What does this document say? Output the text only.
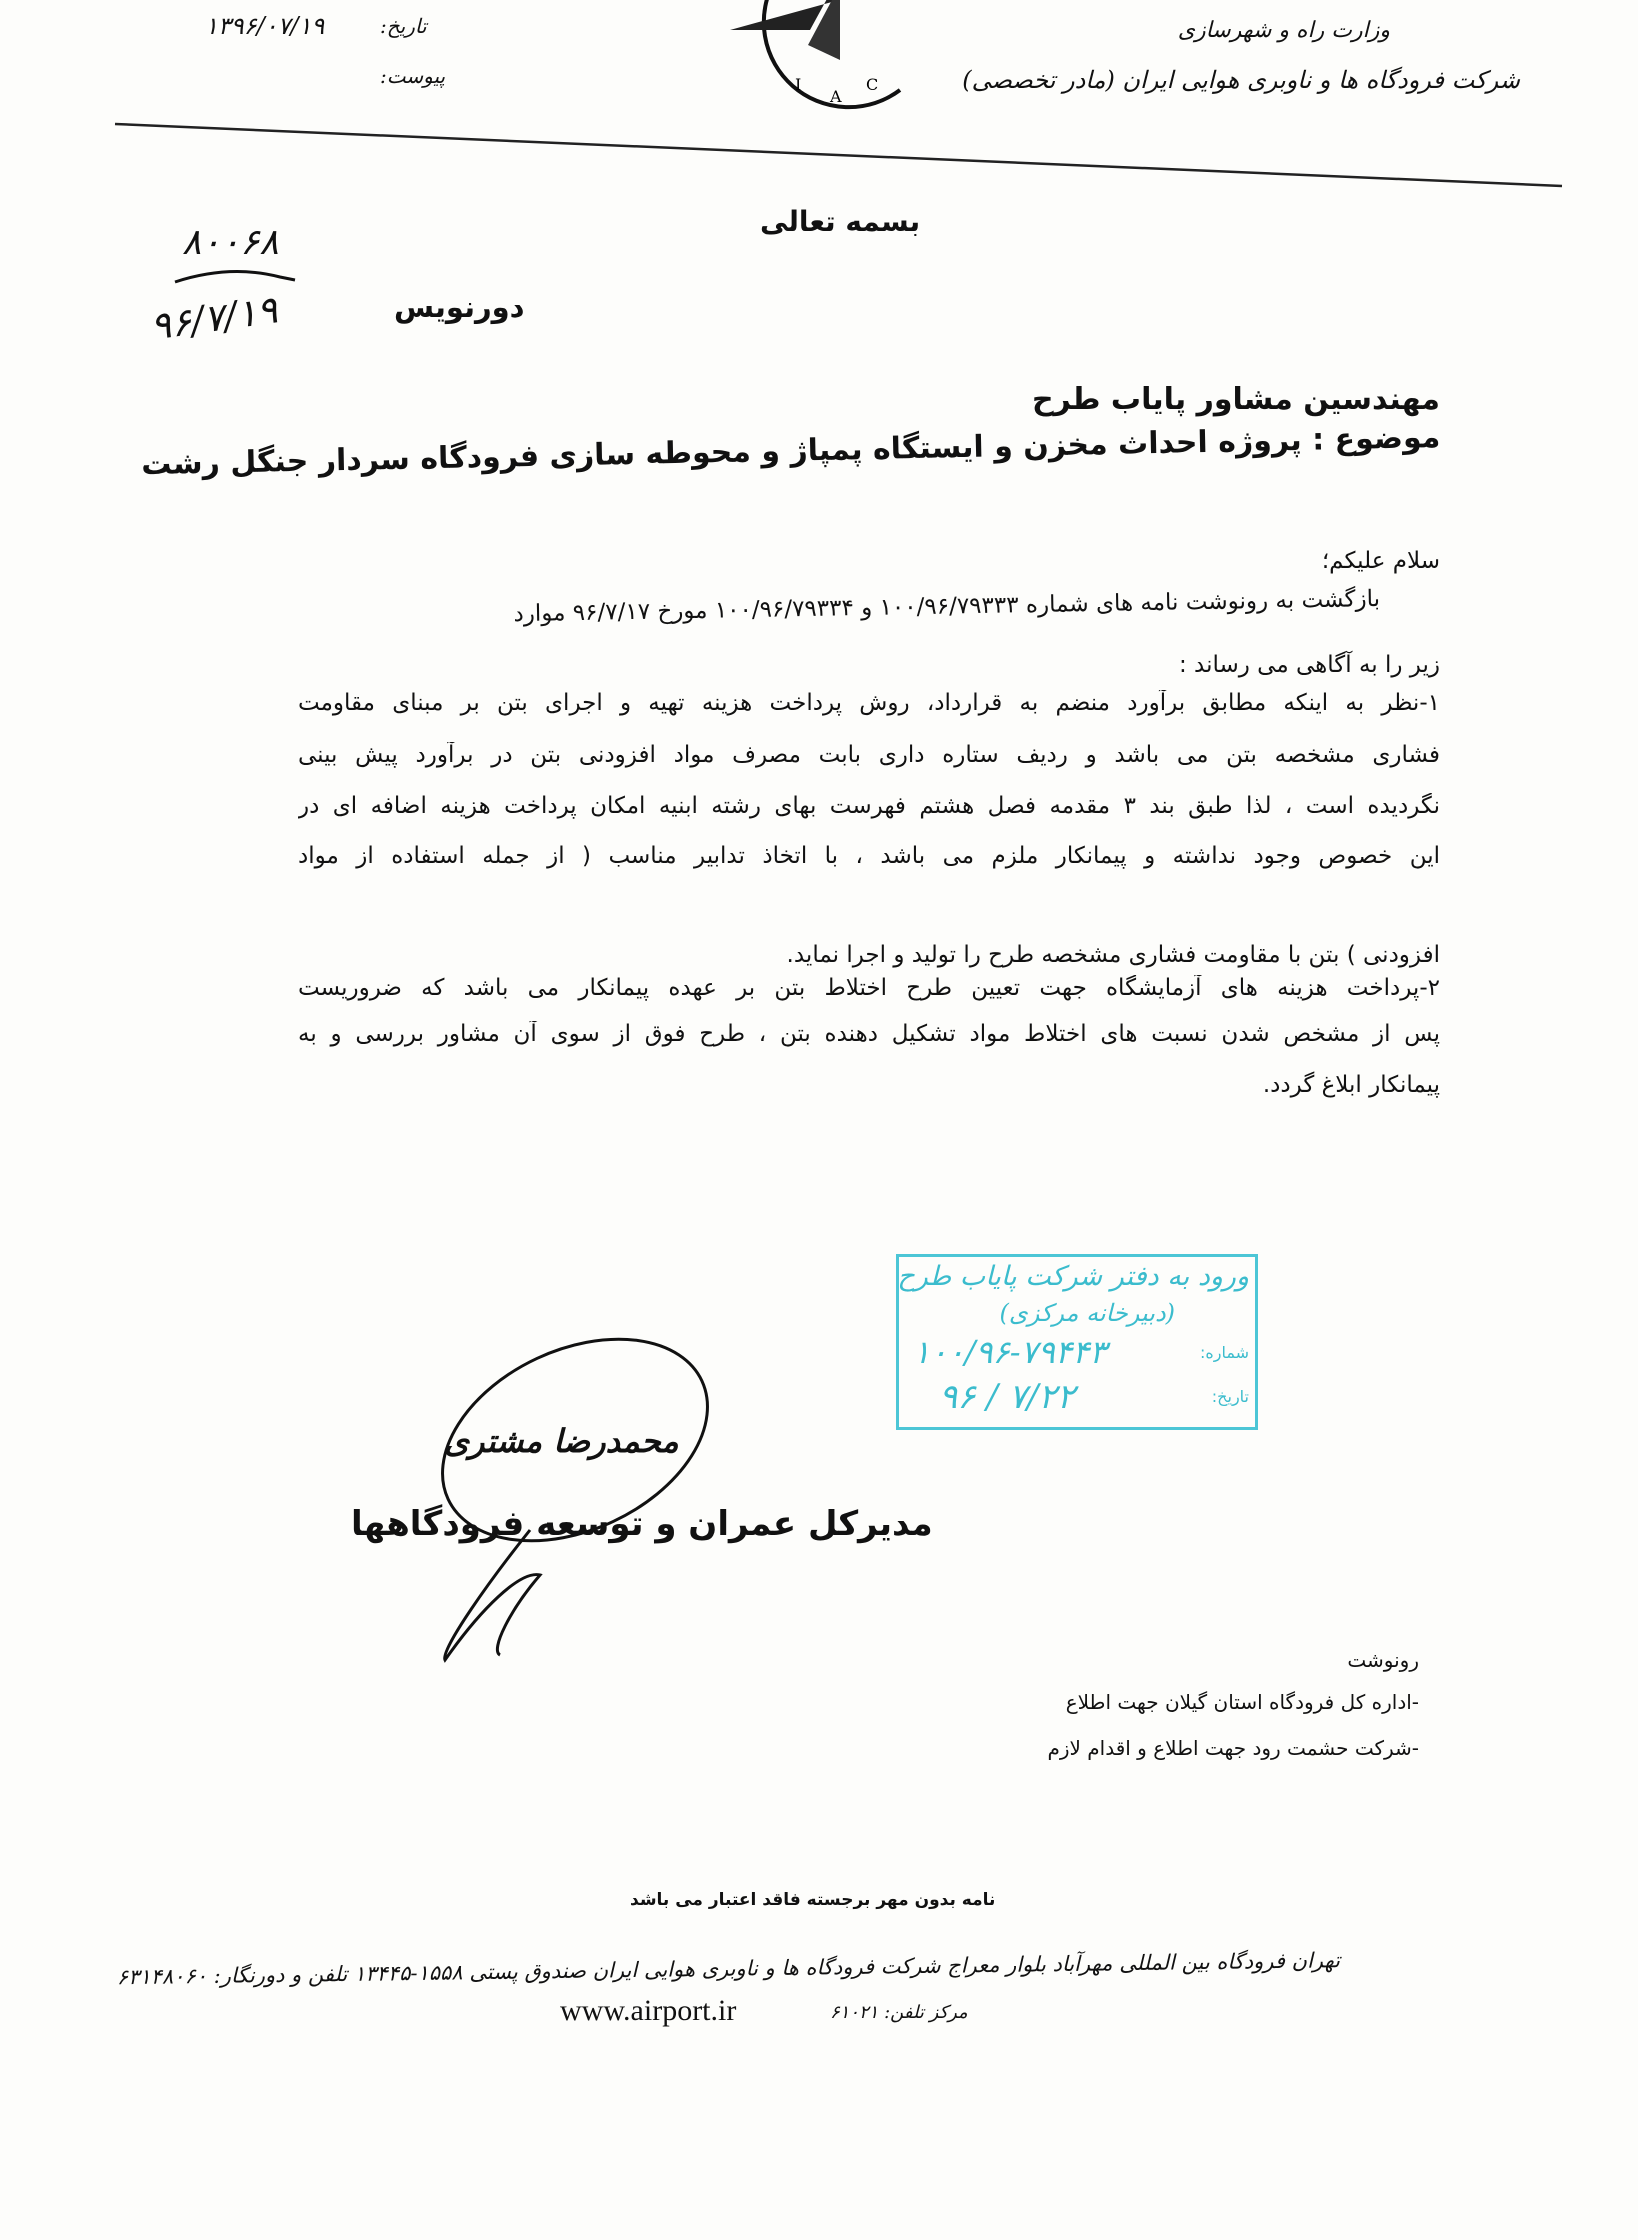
۱۳۹۶/۰۷/۱۹	تاریخ:
پیوست:	I
A
C
وزارت راه و شهرسازی
شرکت فرودگاه ها و ناوبری هوایی ایران (مادر تخصصی)
بسمه تعالی
۸۰۰۶۸
۹۶/۷/۱۹	دورنویس
مهندسین مشاور پایاب طرح
موضوع : پروژه احداث مخزن و ایستگاه پمپاژ و محوطه سازی فرودگاه سردار جنگل رشت
سلام علیکم؛
بازگشت به رونوشت نامه های شماره ۱۰۰/۹۶/۷۹۳۳۳ و ۱۰۰/۹۶/۷۹۳۳۴ مورخ ۹۶/۷/۱۷ موارد
زیر را به آگاهی می رساند :
۱-نظر به اینکه مطابق برآورد منضم به قرارداد، روش پرداخت هزینه تهیه و اجرای بتن بر مبنای مقاومت
فشاری مشخصه بتن می باشد و ردیف ستاره داری بابت مصرف مواد افزودنی بتن در برآورد پیش بینی
نگردیده است ، لذا طبق بند ۳ مقدمه فصل هشتم فهرست بهای رشته ابنیه امکان پرداخت هزینه اضافه ای در
این خصوص وجود نداشته و پیمانکار ملزم می باشد ، با اتخاذ تدابیر مناسب ( از جمله استفاده از مواد
افزودنی ) بتن با مقاومت فشاری مشخصه طرح را تولید و اجرا نماید.
۲-پرداخت هزینه های آزمایشگاه جهت تعیین طرح اختلاط بتن بر عهده پیمانکار می باشد که ضروریست
پس از مشخص شدن نسبت های اختلاط مواد تشکیل دهنده بتن ، طرح فوق از سوی آن مشاور بررسی و به
پیمانکار ابلاغ گردد.
ورود به دفتر شرکت پایاب طرح
(دبیرخانه مرکزی)
شماره:
۱۰۰/۹۶-۷۹۴۴۳
تاریخ:
۹۶ / ۷/۲۲
محمدرضا مشتری
مدیرکل عمران و توسعه فرودگاهها
رونوشت
-اداره کل فرودگاه استان گیلان جهت اطلاع
-شرکت حشمت رود جهت اطلاع و اقدام لازم
نامه بدون مهر برجسته فاقد اعتبار می باشد
تهران فرودگاه بین المللی مهرآباد بلوار معراج شرکت فرودگاه ها و ناوبری هوایی ایران صندوق پستی ۱۵۵۸-۱۳۴۴۵ تلفن و دورنگار: ۶۳۱۴۸۰۶۰
مرکز تلفن: ۶۱۰۲۱
www.airport.ir
